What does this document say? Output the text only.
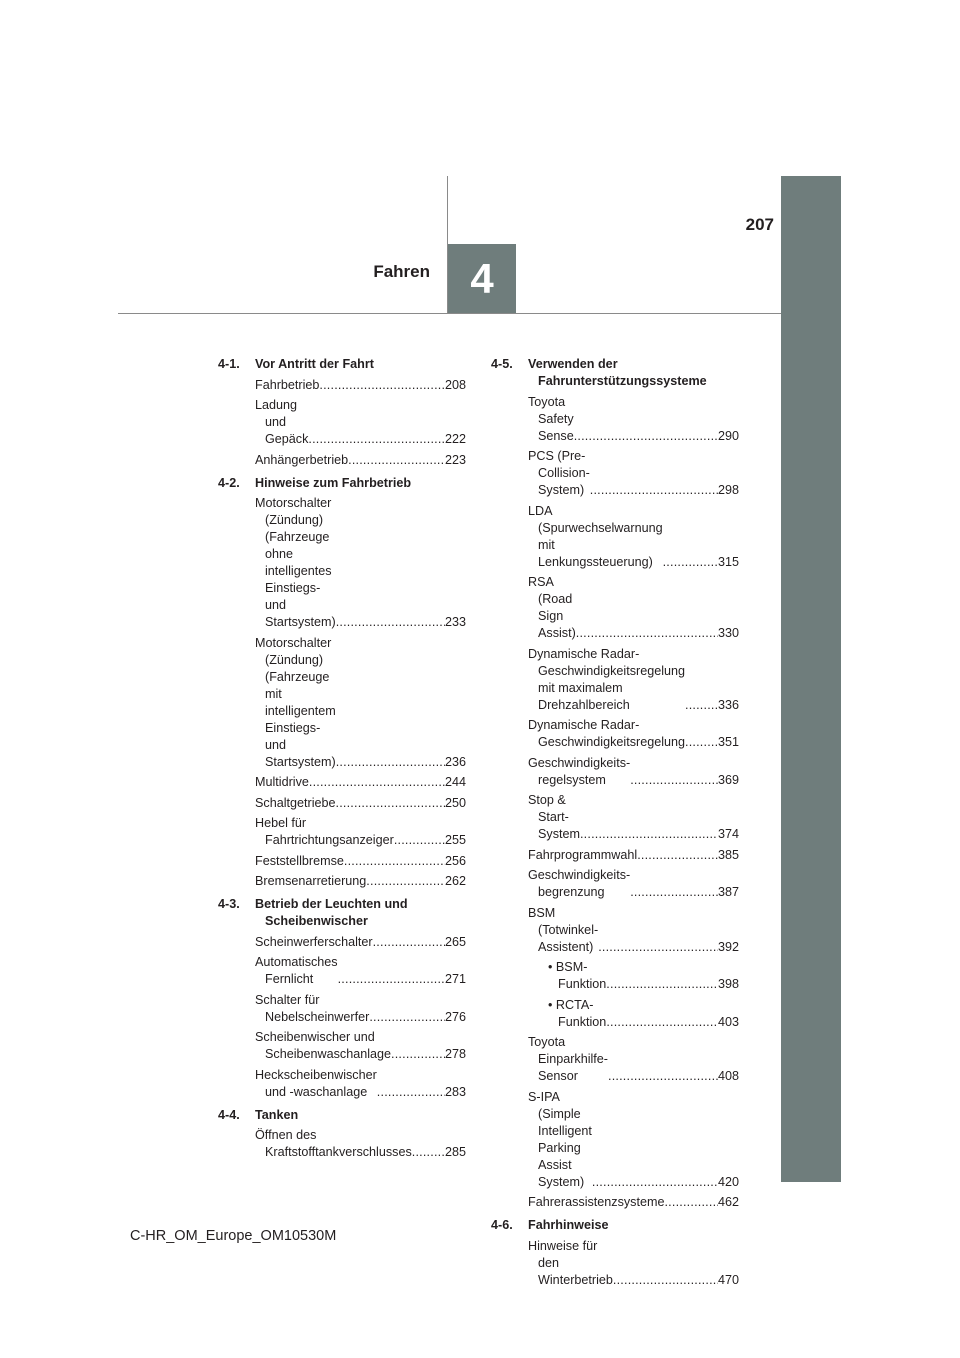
207
Fahren 4
4-1. Vor Antritt der Fahrt
Fahrbetrieb .....	208
Ladung und Gepäck .....	222
Anhängerbetrieb .....	223
4-2. Hinweise zum Fahrbetrieb
Motorschalter (Zündung)
(Fahrzeuge ohne
intelligentes Einstiegs- und
Startsystem) .....	233
Motorschalter (Zündung)
(Fahrzeuge mit intelligentem
Einstiegs- und
Startsystem) .....	236
Multidrive .....	244
Schaltgetriebe .....	250
Hebel für
Fahrtrichtungsanzeiger .....	255
Feststellbremse .....	256
Bremsenarretierung .....	262
4-3. Betrieb der Leuchten und Scheibenwischer
Scheinwerferschalter .....	265
Automatisches Fernlicht .....	271
Schalter für
Nebelscheinwerfer .....	276
Scheibenwischer und
Scheibenwaschanlage .....	278
Heckscheibenwischer
und -waschanlage .....	283
4-4. Tanken
Öffnen des
Kraftstofftankverschlusses .....	285
4-5. Verwenden der Fahrunterstützungssysteme
Toyota Safety Sense .....	290
PCS (Pre-Collision-System) .....	298
LDA (Spurwechselwarnung
mit Lenkungssteuerung) .....	315
RSA (Road Sign Assist) .....	330
Dynamische Radar-
Geschwindigkeitsregelung
mit maximalem
Drehzahlbereich .....	336
Dynamische Radar-
Geschwindigkeitsregelung .....	351
Geschwindigkeits-
regelsystem .....	369
Stop & Start-System .....	374
Fahrprogrammwahl .....	385
Geschwindigkeits-
begrenzung .....	387
BSM (Totwinkel-Assistent) .....	392
• BSM-Funktion .....	398
• RCTA-Funktion .....	403
Toyota Einparkhilfe-
Sensor .....	408
S-IPA (Simple Intelligent
Parking Assist System) .....	420
Fahrerassistenzsysteme .....	462
4-6. Fahrhinweise
Hinweise für den
Winterbetrieb .....	470
C-HR_OM_Europe_OM10530M
